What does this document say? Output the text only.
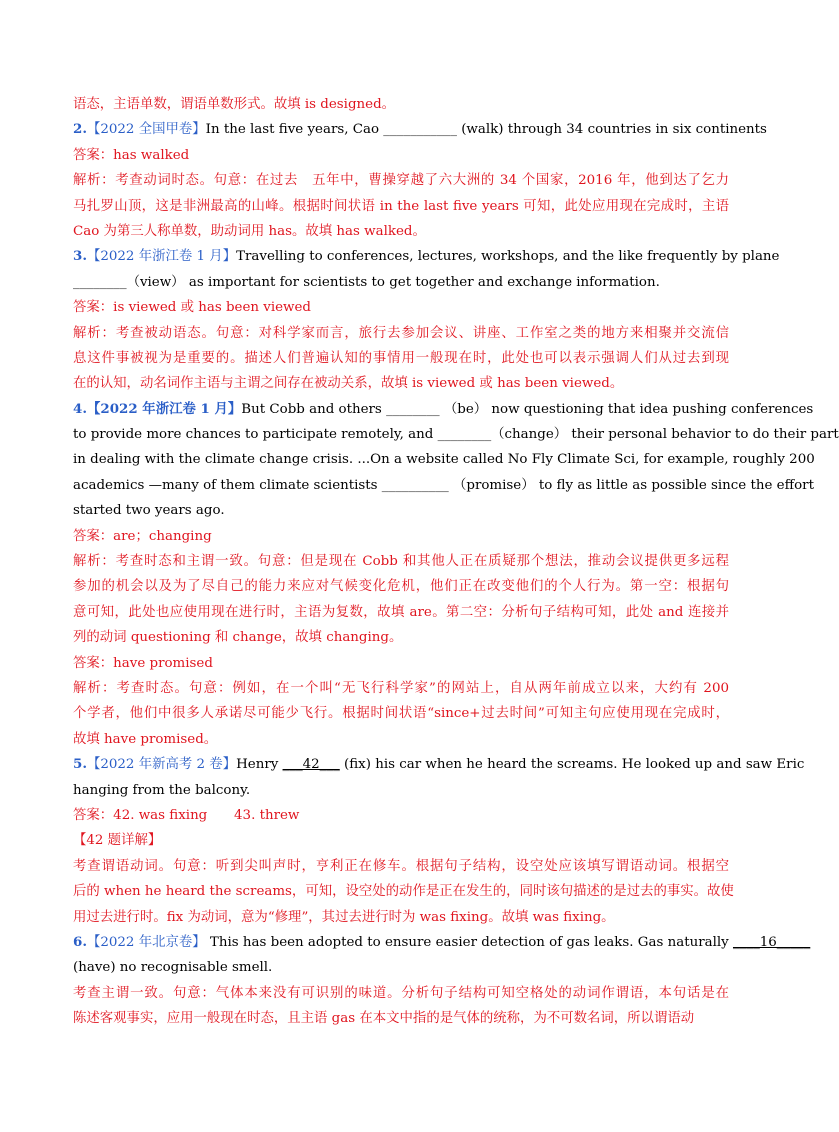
语态，主语单数，谓语单数形式。故填 is designed。
2.【2022 全国甲卷】In the last five years, Cao ___________ (walk) through 34 countries in six continents
答案：has walked
解析：考查动词时态。句意：在过去　五年中，曹操穿越了六大洲的 34 个国家，2016 年，他到达了乞力
马扎罗山顶，这是非洲最高的山峰。根据时间状语 in the last five years 可知，此处应用现在完成时，主语
Cao 为第三人称单数，助动词用 has。故填 has walked。
3.【2022 年浙江卷 1 月】Travelling to conferences, lectures, workshops, and the like frequently by plane
________（view） as important for scientists to get together and exchange information.
答案：is viewed 或 has been viewed
解析：考查被动语态。句意：对科学家而言，旅行去参加会议、讲座、工作室之类的地方来相聚并交流信
息这件事被视为是重要的。描述人们普遍认知的事情用一般现在时，此处也可以表示强调人们从过去到现
在的认知，动名词作主语与主谓之间存在被动关系，故填 is viewed 或 has been viewed。
4.【2022 年浙江卷 1 月】But Cobb and others ________ （be） now questioning that idea pushing conferences
to provide more chances to participate remotely, and ________（change） their personal behavior to do their part
in dealing with the climate change crisis. ...On a website called No Fly Climate Sci, for example, roughly 200
academics —many of them climate scientists __________ （promise） to fly as little as possible since the effort
started two years ago.
答案：are；changing
解析：考查时态和主谓一致。句意：但是现在 Cobb 和其他人正在质疑那个想法，推动会议提供更多远程
参加的机会以及为了尽自己的能力来应对气候变化危机，他们正在改变他们的个人行为。第一空：根据句
意可知，此处也应使用现在进行时，主语为复数，故填 are。第二空：分析句子结构可知，此处 and 连接并
列的动词 questioning 和 change，故填 changing。
答案：have promised
解析：考查时态。句意：例如，在一个叫“无飞行科学家”的网站上，自从两年前成立以来，大约有 200
个学者，他们中很多人承诺尽可能少飞行。根据时间状语“since+过去时间”可知主句应使用现在完成时，
故填 have promised。
5.【2022 年新高考 2 卷】Henry ___42___ (fix) his car when he heard the screams. He looked up and saw Eric
hanging from the balcony.
答案：42. was fixing　　43. threw
【42 题详解】
考查谓语动词。句意：听到尖叫声时，亨利正在修车。根据句子结构，设空处应该填写谓语动词。根据空
后的 when he heard the screams，可知，设空处的动作是正在发生的，同时该句描述的是过去的事实。故使
用过去进行时。fix 为动词，意为“修理”，其过去进行时为 was fixing。故填 was fixing。
6.【2022 年北京卷】 This has been adopted to ensure easier detection of gas leaks. Gas naturally ____16_____
(have) no recognisable smell.
考查主谓一致。句意：气体本来没有可识别的味道。分析句子结构可知空格处的动词作谓语，本句话是在
陈述客观事实，应用一般现在时态，且主语 gas 在本文中指的是气体的统称，为不可数名词，所以谓语动
